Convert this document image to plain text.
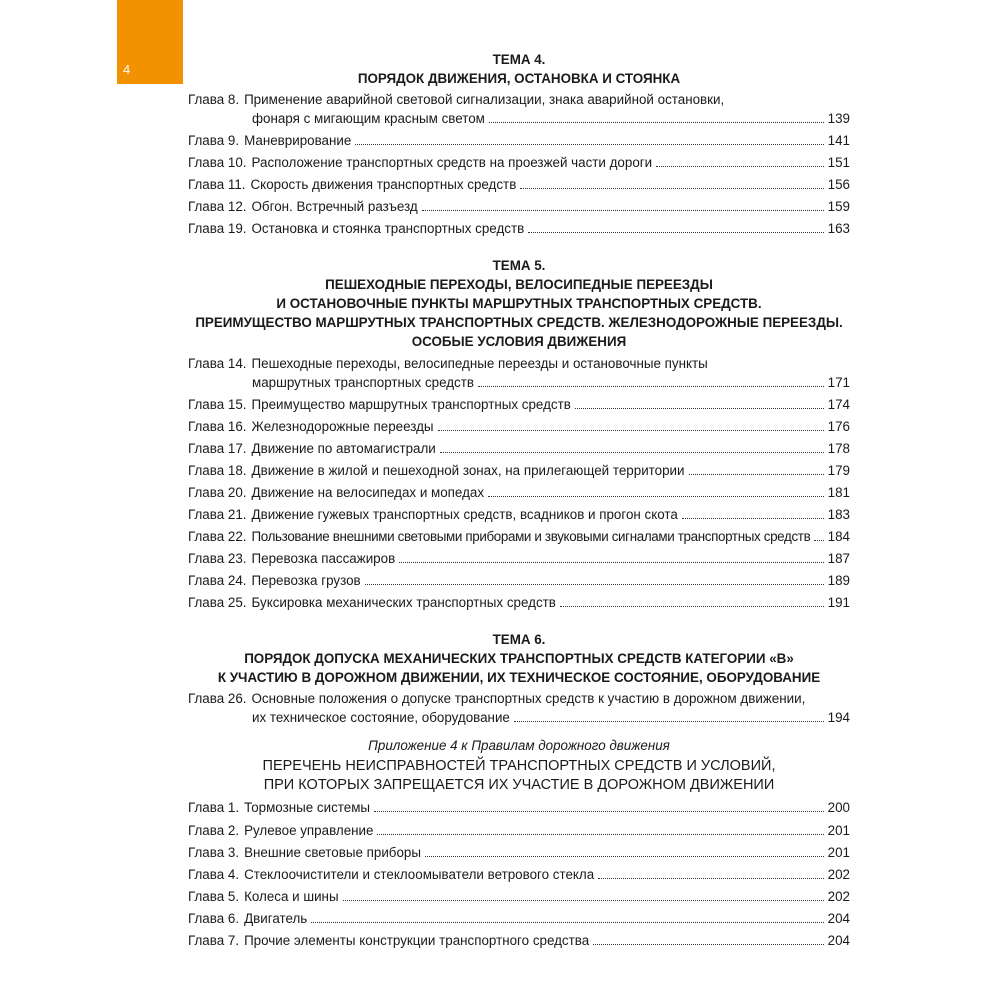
4
ТЕМА 4.
ПОРЯДОК ДВИЖЕНИЯ, ОСТАНОВКА И СТОЯНКА
Глава 8. Применение аварийной световой сигнализации, знака аварийной остановки,
фонаря с мигающим красным светом	139
Глава 9. Маневрирование	141
Глава 10. Расположение транспортных средств на проезжей части дороги	151
Глава 11. Скорость движения транспортных средств	156
Глава 12. Обгон. Встречный разъезд	159
Глава 19. Остановка и стоянка транспортных средств	163
ТЕМА 5.
ПЕШЕХОДНЫЕ ПЕРЕХОДЫ, ВЕЛОСИПЕДНЫЕ ПЕРЕЕЗДЫ
И ОСТАНОВОЧНЫЕ ПУНКТЫ МАРШРУТНЫХ ТРАНСПОРТНЫХ СРЕДСТВ.
ПРЕИМУЩЕСТВО МАРШРУТНЫХ ТРАНСПОРТНЫХ СРЕДСТВ. ЖЕЛЕЗНОДОРОЖНЫЕ ПЕРЕЕЗДЫ.
ОСОБЫЕ УСЛОВИЯ ДВИЖЕНИЯ
Глава 14. Пешеходные переходы, велосипедные переезды и остановочные пункты
маршрутных транспортных средств	171
Глава 15. Преимущество маршрутных транспортных средств	174
Глава 16. Железнодорожные переезды	176
Глава 17. Движение по автомагистрали	178
Глава 18. Движение в жилой и пешеходной зонах, на прилегающей территории	179
Глава 20. Движение на велосипедах и мопедах	181
Глава 21. Движение гужевых транспортных средств, всадников и прогон скота	183
Глава 22. Пользование внешними световыми приборами и звуковыми сигналами транспортных средств 184
Глава 23. Перевозка пассажиров	187
Глава 24. Перевозка грузов	189
Глава 25. Буксировка механических транспортных средств	191
ТЕМА 6.
ПОРЯДОК ДОПУСКА МЕХАНИЧЕСКИХ ТРАНСПОРТНЫХ СРЕДСТВ КАТЕГОРИИ «В»
К УЧАСТИЮ В ДОРОЖНОМ ДВИЖЕНИИ, ИХ ТЕХНИЧЕСКОЕ СОСТОЯНИЕ, ОБОРУДОВАНИЕ
Глава 26. Основные положения о допуске транспортных средств к участию в дорожном движении,
их техническое состояние, оборудование	194
Приложение 4 к Правилам дорожного движения
ПЕРЕЧЕНЬ НЕИСПРАВНОСТЕЙ ТРАНСПОРТНЫХ СРЕДСТВ И УСЛОВИЙ,
ПРИ КОТОРЫХ ЗАПРЕЩАЕТСЯ ИХ УЧАСТИЕ В ДОРОЖНОМ ДВИЖЕНИИ
Глава 1. Тормозные системы	200
Глава 2. Рулевое управление	201
Глава 3. Внешние световые приборы	201
Глава 4. Стеклоочистители и стеклоомыватели ветрового стекла	202
Глава 5. Колеса и шины	202
Глава 6. Двигатель	204
Глава 7. Прочие элементы конструкции транспортного средства	204
